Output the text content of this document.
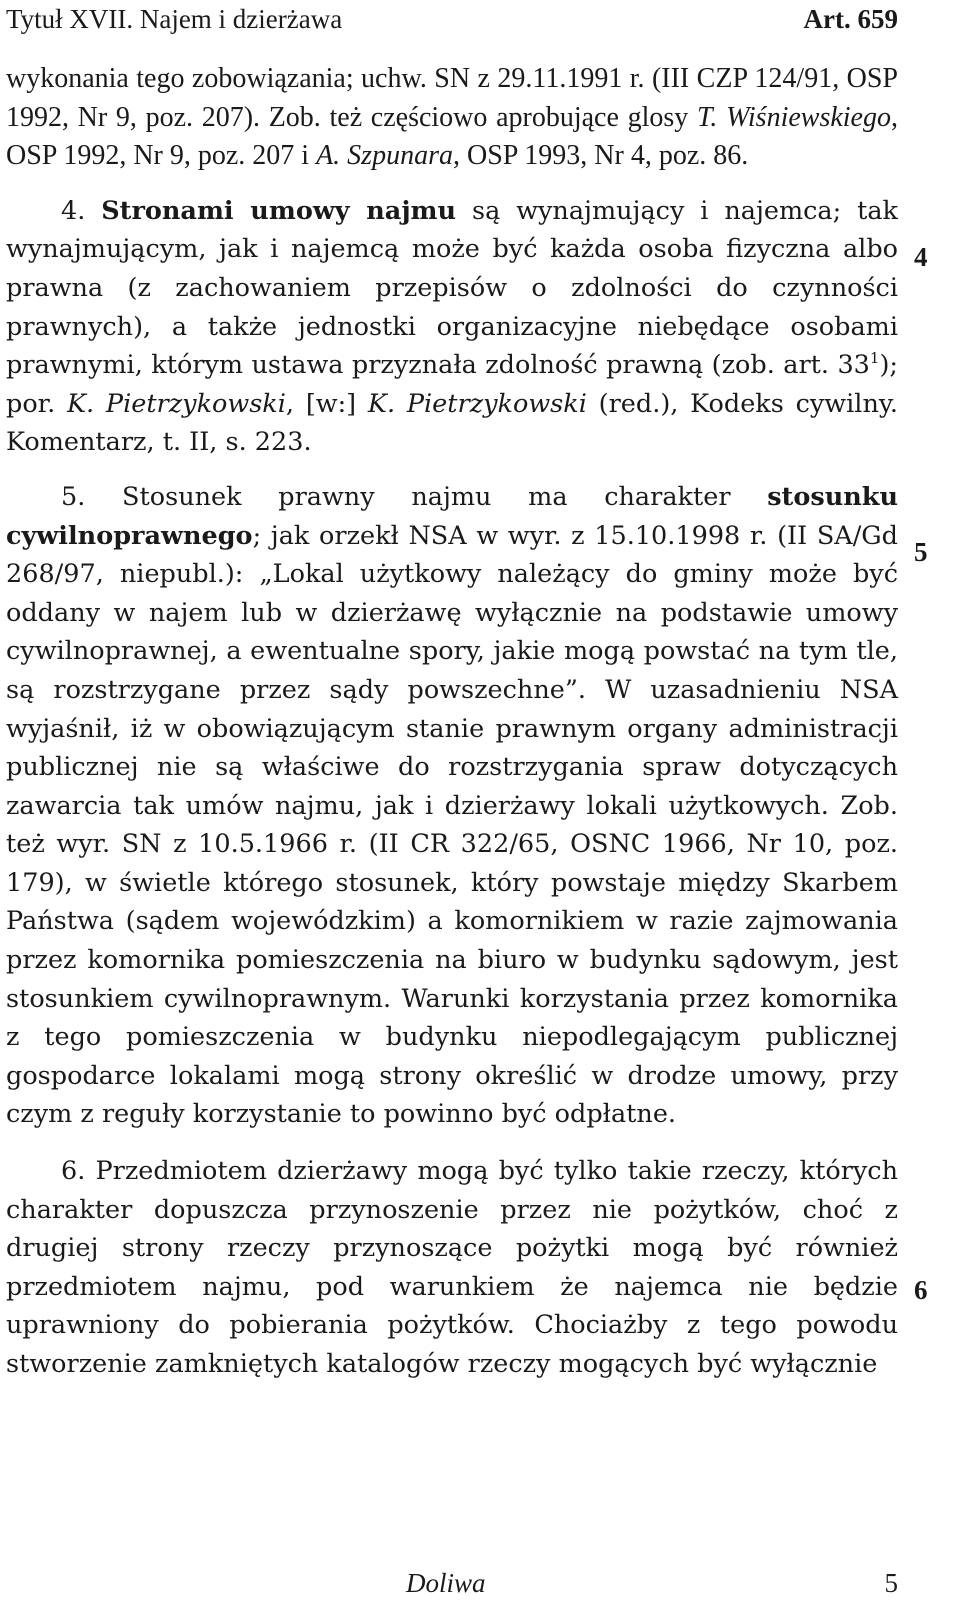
Tytuł XVII. Najem i dzierżawa	Art. 659

wykonania tego zobowiązania; uchw. SN z 29.11.1991 r. (III CZP 124/91, OSP 1992, Nr 9, poz. 207). Zob. też częściowo aprobujące glosy T. Wiśniewskiego, OSP 1992, Nr 9, poz. 207 i A. Szpunara, OSP 1993, Nr 4, poz. 86.

4. Stronami umowy najmu są wynajmujący i najemca; tak wynajmującym, jak i najemcą może być każda osoba fizyczna albo prawna (z zachowaniem przepisów o zdolności do czynności prawnych), a także jednostki organizacyjne niebędące osobami prawnymi, którym ustawa przyznała zdolność prawną (zob. art. $33^1$); por. K. Pietrzykowski, [w:] K. Pietrzykowski (red.), Kodeks cywilny. Komentarz, t. II, s. 223.

5. Stosunek prawny najmu ma charakter stosunku cywilnoprawnego; jak orzekł NSA w wyr. z 15.10.1998 r. (II SA/Gd 268/97, niepubl.): „Lokal użytkowy należący do gminy może być oddany w najem lub w dzierżawę wyłącznie na podstawie umowy cywilnoprawnej, a ewentualne spory, jakie mogą powstać na tym tle, są rozstrzygane przez sądy powszechne”. W uzasadnieniu NSA wyjaśnił, iż w obowiązującym stanie prawnym organy administracji publicznej nie są właściwe do rozstrzygania spraw dotyczących zawarcia tak umów najmu, jak i dzierżawy lokali użytkowych. Zob. też wyr. SN z 10.5.1966 r. (II CR 322/65, OSNC 1966, Nr 10, poz. 179), w świetle którego stosunek, który powstaje między Skarbem Państwa (sądem wojewódzkim) a komornikiem w razie zajmowania przez komornika pomieszczenia na biuro w budynku sądowym, jest stosunkiem cywilnoprawnym. Warunki korzystania przez komornika z tego pomieszczenia w budynku niepodlegającym publicznej gospodarce lokalami mogą strony określić w drodze umowy, przy czym z reguły korzystanie to powinno być odpłatne.

6. Przedmiotem dzierżawy mogą być tylko takie rzeczy, których charakter dopuszcza przynoszenie przez nie pożytków, choć z drugiej strony rzeczy przynoszące pożytki mogą być również przedmiotem najmu, pod warunkiem że najemca nie będzie uprawniony do pobierania pożytków. Chociażby z tego powodu stworzenie zamkniętych katalogów rzeczy mogących być wyłącznie

4
5
6
Doliwa	5
